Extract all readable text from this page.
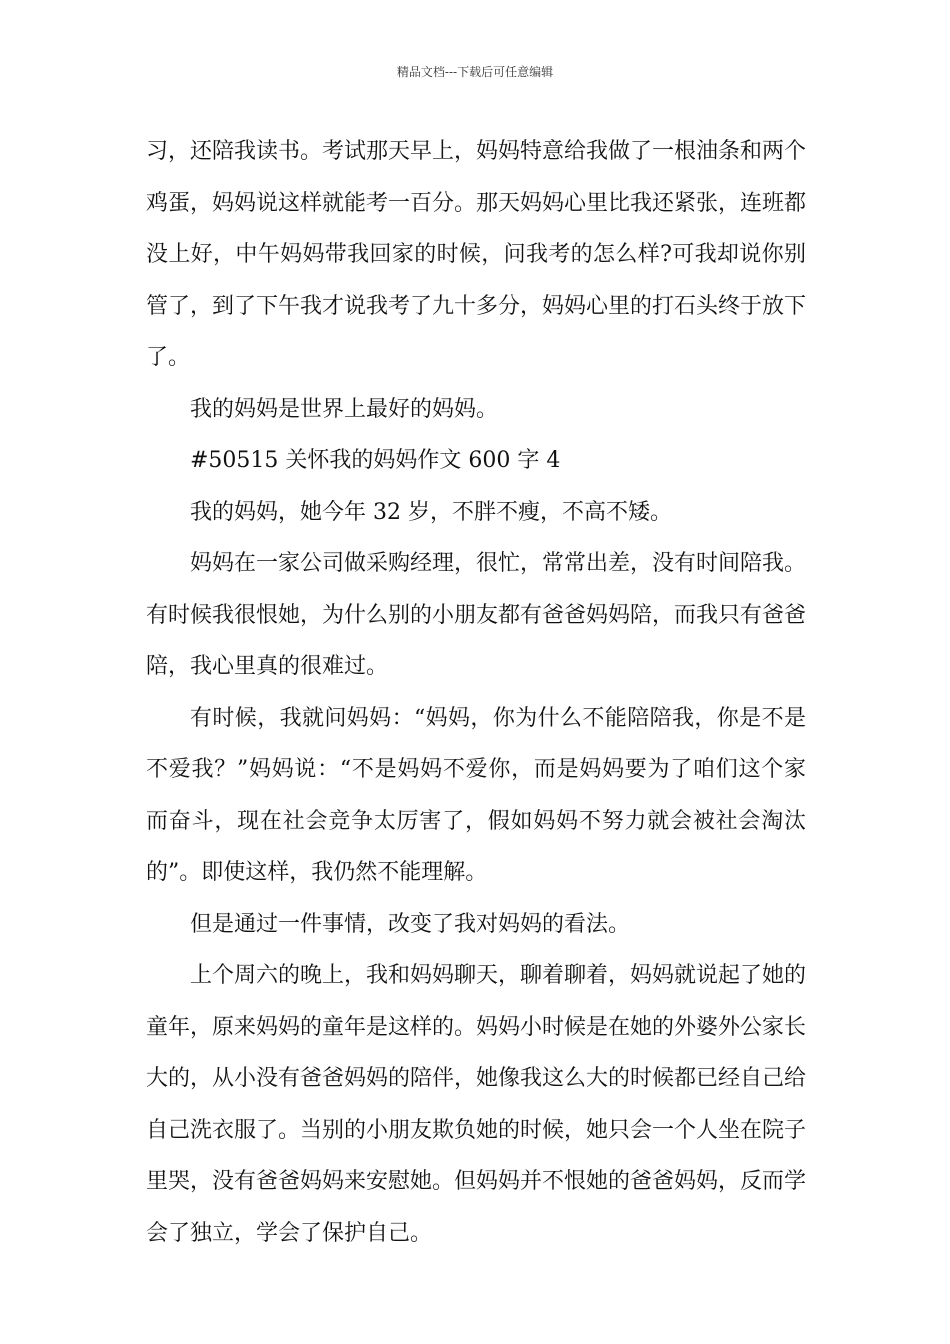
精品文档---下载后可任意编辑

习，还陪我读书。考试那天早上，妈妈特意给我做了一根油条和两个鸡蛋，妈妈说这样就能考一百分。那天妈妈心里比我还紧张，连班都没上好，中午妈妈带我回家的时候，问我考的怎么样?可我却说你别管了，到了下午我才说我考了九十多分，妈妈心里的打石头终于放下了。

我的妈妈是世界上最好的妈妈。

#50515 关怀我的妈妈作文 600 字 4

我的妈妈，她今年 32 岁，不胖不瘦，不高不矮。

妈妈在一家公司做采购经理，很忙，常常出差，没有时间陪我。有时候我很恨她，为什么别的小朋友都有爸爸妈妈陪，而我只有爸爸陪，我心里真的很难过。

有时候，我就问妈妈：“妈妈，你为什么不能陪陪我，你是不是不爱我？”妈妈说：“不是妈妈不爱你，而是妈妈要为了咱们这个家而奋斗，现在社会竞争太厉害了，假如妈妈不努力就会被社会淘汰的”。即使这样，我仍然不能理解。

但是通过一件事情，改变了我对妈妈的看法。

上个周六的晚上，我和妈妈聊天，聊着聊着，妈妈就说起了她的童年，原来妈妈的童年是这样的。妈妈小时候是在她的外婆外公家长大的，从小没有爸爸妈妈的陪伴，她像我这么大的时候都已经自己给自己洗衣服了。当别的小朋友欺负她的时候，她只会一个人坐在院子里哭，没有爸爸妈妈来安慰她。但妈妈并不恨她的爸爸妈妈，反而学会了独立，学会了保护自己。
